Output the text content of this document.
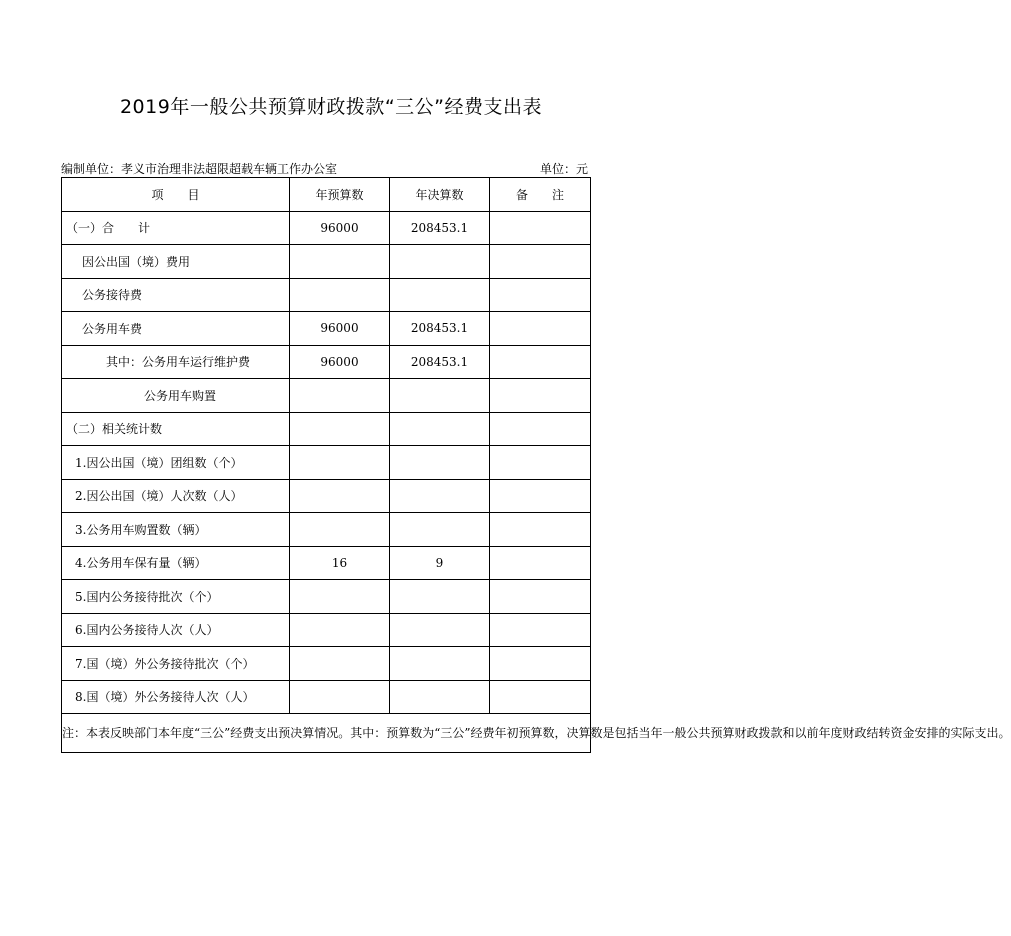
2019年一般公共预算财政拨款“三公”经费支出表
编制单位：孝义市治理非法超限超载车辆工作办公室	单位：元
项　　目	年预算数	年决算数	备　　注
（一）合　　计	96000	208453.1	
因公出国（境）费用			
公务接待费			
公务用车费	96000	208453.1	
其中：公务用车运行维护费	96000	208453.1	
公务用车购置			
（二）相关统计数			
1.因公出国（境）团组数（个）			
2.因公出国（境）人次数（人）			
3.公务用车购置数（辆）			
4.公务用车保有量（辆）	16	9	
5.国内公务接待批次（个）			
6.国内公务接待人次（人）			
7.国（境）外公务接待批次（个）			
8.国（境）外公务接待人次（人）			
注：本表反映部门本年度“三公”经费支出预决算情况。其中：预算数为“三公”经费年初预算数，决算数是包括当年一般公共预算财政拨款和以前年度财政结转资金安排的实际支出。			
